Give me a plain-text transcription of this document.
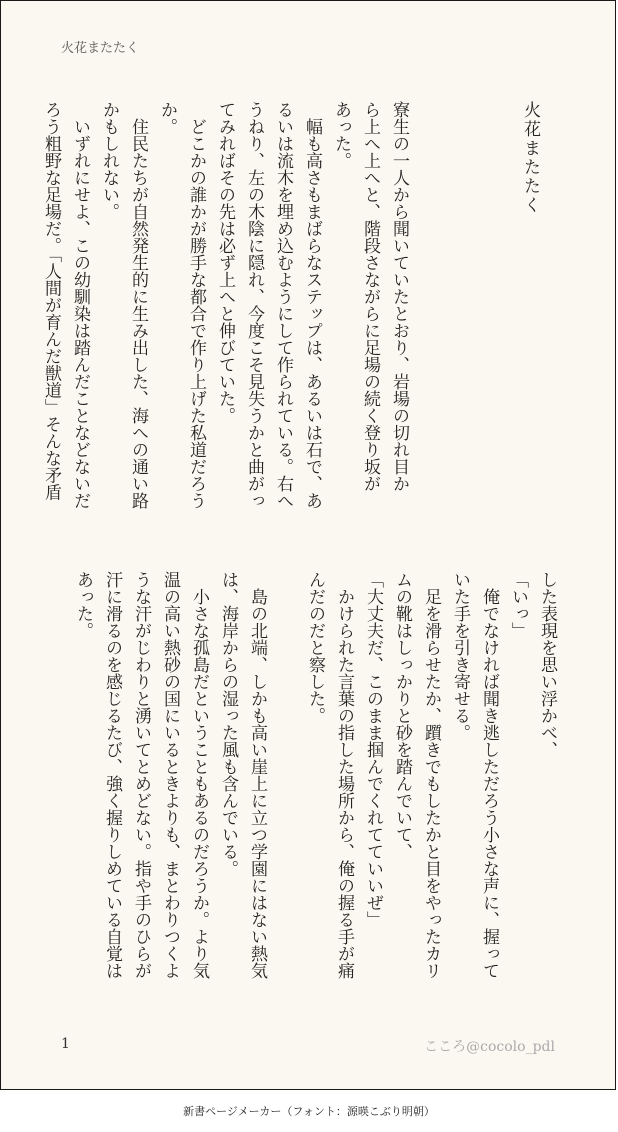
火花またたく
火花またたく
寮生の一人から聞いていたとおり、岩場の切れ目か
ら上へ上へと、階段さながらに足場の続く登り坂が
あった。
　幅も高さもまばらなステップは、あるいは石で、あ
るいは流木を埋め込むようにして作られている。右へ
うねり、左の木陰に隠れ、今度こそ見失うかと曲がっ
てみればその先は必ず上へと伸びていた。
　どこかの誰かが勝手な都合で作り上げた私道だろう
か。
　住民たちが自然発生的に生み出した、海への通い路
かもしれない。
　いずれにせよ、この幼馴染は踏んだことなどないだ
ろう粗野な足場だ。「人間が育んだ獣道」そんな矛盾
した表現を思い浮かべ、
「いっ」
　俺でなければ聞き逃しただろう小さな声に、握って
いた手を引き寄せる。
　足を滑らせたか、躓きでもしたかと目をやったカリ
ムの靴はしっかりと砂を踏んでいて、
「大丈夫だ、このまま掴んでくれてていいぜ」
　かけられた言葉の指した場所から、俺の握る手が痛
んだのだと察した。

　島の北端、しかも高い崖上に立つ学園にはない熱気
は、海岸からの湿った風も含んでいる。
　小さな孤島だということもあるのだろうか。より気
温の高い熱砂の国にいるときよりも、まとわりつくよ
うな汗がじわりと湧いてとめどない。指や手のひらが
汗に滑るのを感じるたび、強く握りしめている自覚は
あった。
1	こころ@cocolo_pdl
新書ページメーカー（フォント：源暎こぶり明朝）
